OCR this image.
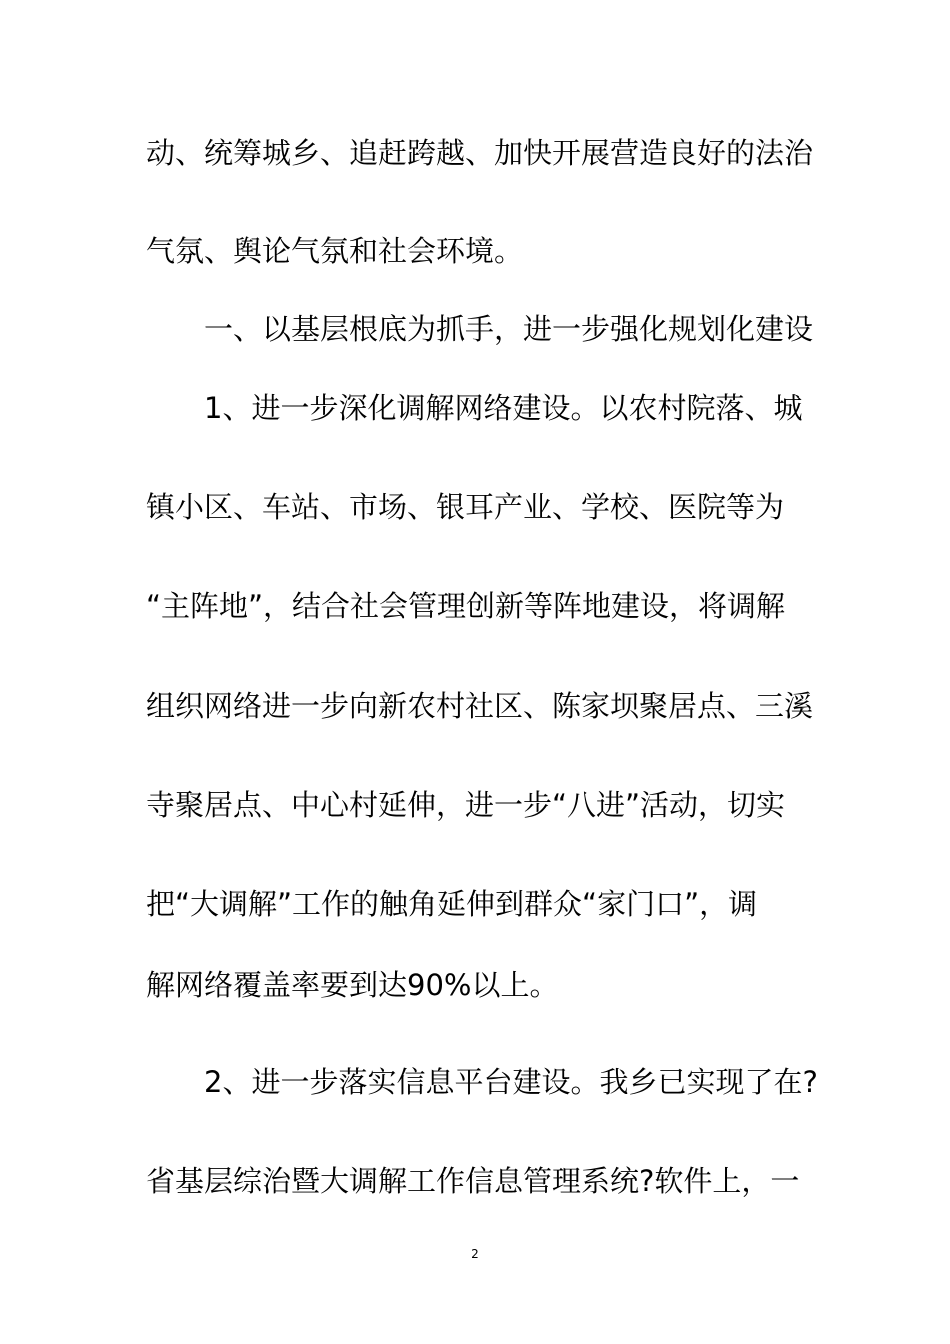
动、统筹城乡、追赶跨越、加快开展营造良好的法治
气氛、舆论气氛和社会环境。
一、以基层根底为抓手，进一步强化规划化建设
1、进一步深化调解网络建设。以农村院落、城
镇小区、车站、市场、银耳产业、学校、医院等为
“主阵地”，结合社会管理创新等阵地建设，将调解
组织网络进一步向新农村社区、陈家坝聚居点、三溪
寺聚居点、中心村延伸，进一步“八进”活动，切实
把“大调解”工作的触角延伸到群众“家门口”，调
解网络覆盖率要到达90%以上。
2、进一步落实信息平台建设。我乡已实现了在?
省基层综治暨大调解工作信息管理系统?软件上，一
2
